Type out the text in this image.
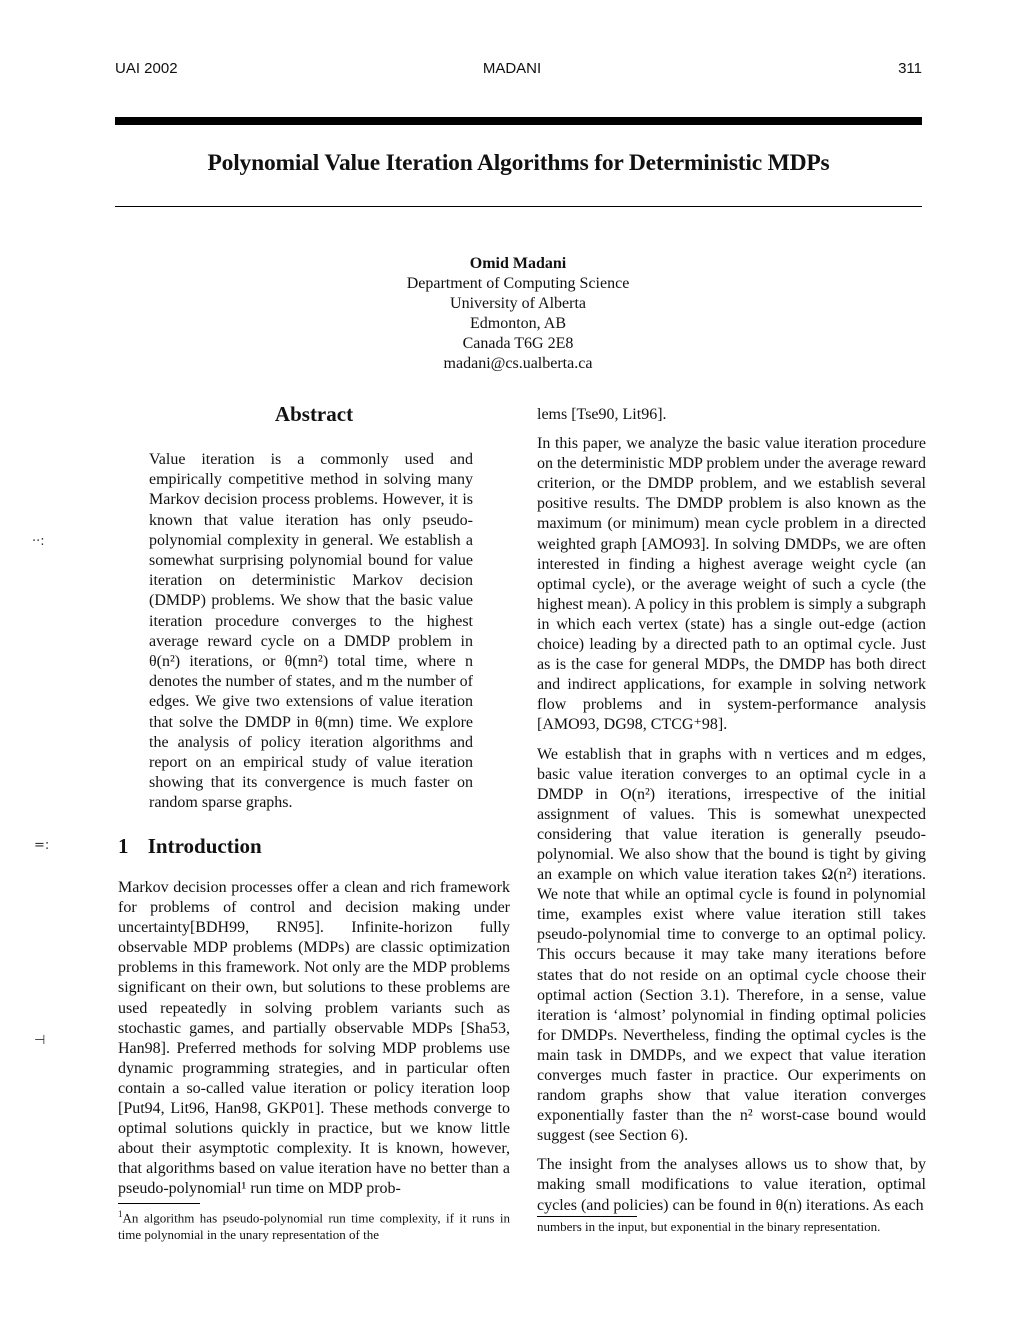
UAI 2002	MADANI	311
Polynomial Value Iteration Algorithms for Deterministic MDPs
Omid Madani
Department of Computing Science
University of Alberta
Edmonton, AB
Canada T6G 2E8
madani@cs.ualberta.ca
Abstract
Value iteration is a commonly used and empirically competitive method in solving many Markov decision process problems. However, it is known that value iteration has only pseudo-polynomial complexity in general. We establish a somewhat surprising polynomial bound for value iteration on deterministic Markov decision (DMDP) problems. We show that the basic value iteration procedure converges to the highest average reward cycle on a DMDP problem in θ(n²) iterations, or θ(mn²) total time, where n denotes the number of states, and m the number of edges. We give two extensions of value iteration that solve the DMDP in θ(mn) time. We explore the analysis of policy iteration algorithms and report on an empirical study of value iteration showing that its convergence is much faster on random sparse graphs.
1 Introduction

Markov decision processes offer a clean and rich framework for problems of control and decision making under uncertainty[BDH99, RN95]. Infinite-horizon fully observable MDP problems (MDPs) are classic optimization problems in this framework. Not only are the MDP problems significant on their own, but solutions to these problems are used repeatedly in solving problem variants such as stochastic games, and partially observable MDPs [Sha53, Han98]. Preferred methods for solving MDP problems use dynamic programming strategies, and in particular often contain a so-called value iteration or policy iteration loop [Put94, Lit96, Han98, GKP01]. These methods converge to optimal solutions quickly in practice, but we know little about their asymptotic complexity. It is known, however, that algorithms based on value iteration have no better than a pseudo-polynomial¹ run time on MDP prob-

$^1$An algorithm has pseudo-polynomial run time complexity, if it runs in time polynomial in the unary representation of the

lems [Tse90, Lit96].

In this paper, we analyze the basic value iteration procedure on the deterministic MDP problem under the average reward criterion, or the DMDP problem, and we establish several positive results. The DMDP problem is also known as the maximum (or minimum) mean cycle problem in a directed weighted graph [AMO93]. In solving DMDPs, we are often interested in finding a highest average weight cycle (an optimal cycle), or the average weight of such a cycle (the highest mean). A policy in this problem is simply a subgraph in which each vertex (state) has a single out-edge (action choice) leading by a directed path to an optimal cycle. Just as is the case for general MDPs, the DMDP has both direct and indirect applications, for example in solving network flow problems and in system-performance analysis [AMO93, DG98, CTCG⁺98].

We establish that in graphs with n vertices and m edges, basic value iteration converges to an optimal cycle in a DMDP in O(n²) iterations, irrespective of the initial assignment of values. This is somewhat unexpected considering that value iteration is generally pseudo-polynomial. We also show that the bound is tight by giving an example on which value iteration takes Ω(n²) iterations. We note that while an optimal cycle is found in polynomial time, examples exist where value iteration still takes pseudo-polynomial time to converge to an optimal policy. This occurs because it may take many iterations before states that do not reside on an optimal cycle choose their optimal action (Section 3.1). Therefore, in a sense, value iteration is ‘almost’ polynomial in finding optimal policies for DMDPs. Nevertheless, finding the optimal cycles is the main task in DMDPs, and we expect that value iteration converges much faster in practice. Our experiments on random graphs show that value iteration converges exponentially faster than the n² worst-case bound would suggest (see Section 6).

The insight from the analyses allows us to show that, by making small modifications to value iteration, optimal cycles (and policies) can be found in θ(n) iterations. As each

numbers in the input, but exponential in the binary representation.
··:
=:
⊣
